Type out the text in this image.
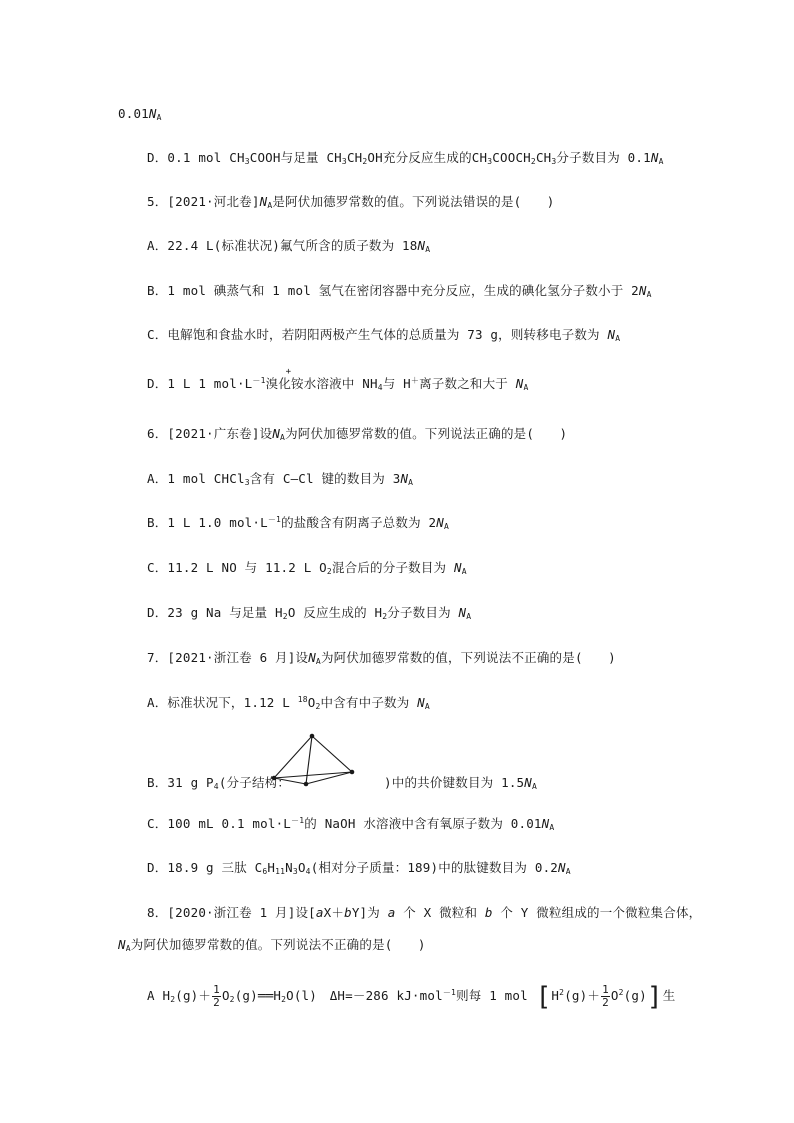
$0.01N_A$
D．0.1 mol $CH_3COOH$与足量 $CH_3CH_2OH$充分反应生成的$CH_3COOCH_2CH_3$分子数目为 $0.1N_A$
5．[2021·河北卷]$N_A$是阿伏加德罗常数的值。下列说法错误的是(　　)
A．22.4 L(标准状况)氟气所含的质子数为 $18N_A$
B．1 mol 碘蒸气和 1 mol 氢气在密闭容器中充分反应，生成的碘化氢分子数小于 $2N_A$
C．电解饱和食盐水时，若阴阳两极产生气体的总质量为 73 g，则转移电子数为 $N_A$
D．1 L 1 $mol\cdot L^{-1}$溴化铵水溶液中 NH
+
$_4$与 H＋离子数之和大于 $N_A$
6．[2021·广东卷]设$N_A$为阿伏加德罗常数的值。下列说法正确的是(　　)
A．1 mol CHCl$_3$含有 C—Cl 键的数目为 $3N_A$
B．1 L 1.0 $mol\cdot L^{-1}$的盐酸含有阴离子总数为 $2N_A$
C．11.2 L NO 与 11.2 L $O_2$混合后的分子数目为 $N_A$
D．23 g Na 与足量 $H_2O$ 反应生成的 $H_2$分子数目为 $N_A$
7．[2021·浙江卷 6 月]设$N_A$为阿伏加德罗常数的值，下列说法不正确的是(　　)
A．标准状况下，1.12 L $^{18}O_2$中含有中子数为 $N_A$
B．31 g $P_4$(分子结构：	)中的共价键数目为 $1.5N_A$
C．100 mL 0.1 $mol\cdot L^{-1}$的 NaOH 水溶液中含有氧原子数为 $0.01N_A$
D．18.9 g 三肽 $C_6H_{11}N_3O_4$(相对分子质量：189)中的肽键数目为 $0.2N_A$
8．[2020·浙江卷 1 月]设[aX＋bY]为 a 个 X 微粒和 b 个 Y 微粒组成的一个微粒集合体，
$N_A$为阿伏加德罗常数的值。下列说法不正确的是(　　)
A $H_2(g)+ \frac{1}{2}$ $O_2(g)══H_2O(l)$　ΔH=－286 kJ·mol$^{-1}$则每 1 mol $[H^2(g)+ \frac{1}{2} O^2(g)]$生
